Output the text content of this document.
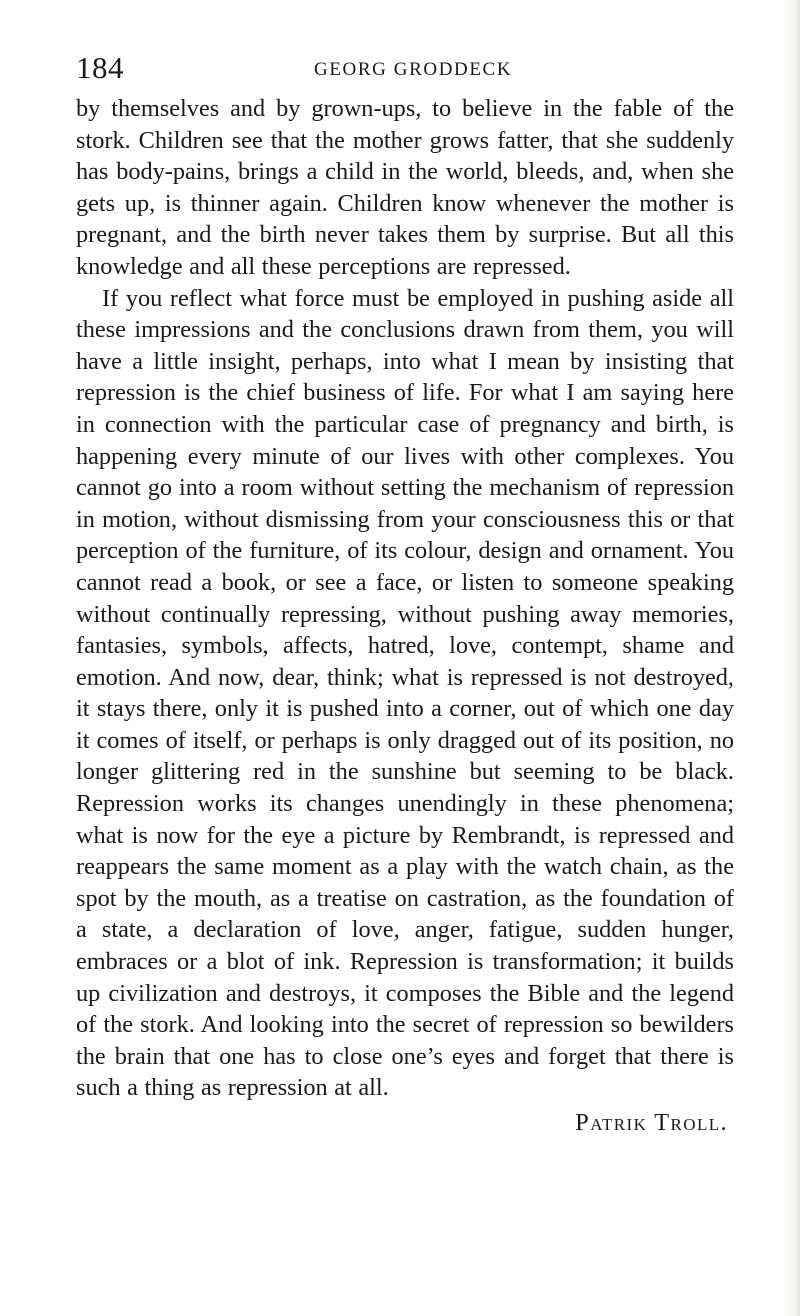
184	GEORG GRODDECK

by themselves and by grown-ups, to believe in the fable of the stork. Children see that the mother grows fatter, that she suddenly has body-pains, brings a child in the world, bleeds, and, when she gets up, is thinner again. Children know whenever the mother is pregnant, and the birth never takes them by surprise. But all this knowledge and all these perceptions are repressed.

If you reflect what force must be employed in pushing aside all these impressions and the conclusions drawn from them, you will have a little insight, perhaps, into what I mean by insisting that repression is the chief business of life. For what I am saying here in connection with the particular case of pregnancy and birth, is happening every minute of our lives with other complexes. You cannot go into a room without setting the mechanism of repression in motion, without dismissing from your consciousness this or that perception of the furniture, of its colour, design and ornament. You cannot read a book, or see a face, or listen to someone speaking without continually repressing, without pushing away memories, fantasies, symbols, affects, hatred, love, contempt, shame and emotion. And now, dear, think; what is repressed is not destroyed, it stays there, only it is pushed into a corner, out of which one day it comes of itself, or perhaps is only dragged out of its position, no longer glittering red in the sunshine but seeming to be black. Repression works its changes unendingly in these phenomena; what is now for the eye a picture by Rembrandt, is repressed and reappears the same moment as a play with the watch chain, as the spot by the mouth, as a treatise on castration, as the foundation of a state, a declaration of love, anger, fatigue, sudden hunger, embraces or a blot of ink. Repression is transformation; it builds up civilization and destroys, it composes the Bible and the legend of the stork. And looking into the secret of repression so bewilders the brain that one has to close one’s eyes and forget that there is such a thing as repression at all.

Patrik Troll.
